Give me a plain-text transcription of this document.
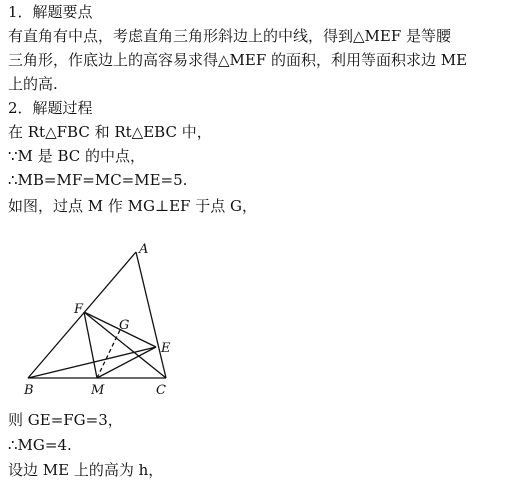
1．解题要点
有直角有中点，考虑直角三角形斜边上的中线，得到△MEF 是等腰
三角形，作底边上的高容易求得△MEF 的面积，利用等面积求边 ME
上的高.
2．解题过程
在 Rt△FBC 和 Rt△EBC 中，
∵M 是 BC 的中点，
∴MB=MF=MC=ME=5.
如图，过点 M 作 MG⊥EF 于点 G，
则 GE=FG=3，
∴MG=4.
设边 ME 上的高为 h，
A
F
G
E
B	M	C
